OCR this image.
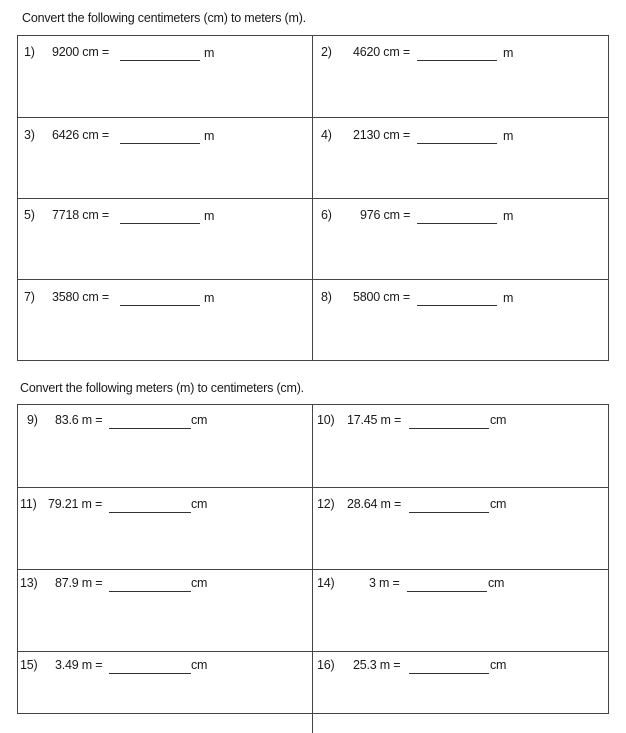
Convert the following centimeters (cm) to meters (m).
1) 9200 cm =	m	2) 4620 cm =	m
3) 6426 cm =	m	4) 2130 cm =	m
5) 7718 cm =	m	6) 976 cm =	m
7) 3580 cm =	m	8) 5800 cm =	m
Convert the following meters (m) to centimeters (cm).
9) 83.6 m =	cm	10) 17.45 m =	cm
11) 79.21 m =	cm	12) 28.64 m =	cm
13) 87.9 m =	cm	14)	3 m =	cm
15) 3.49 m =	cm	16) 25.3 m =	cm
